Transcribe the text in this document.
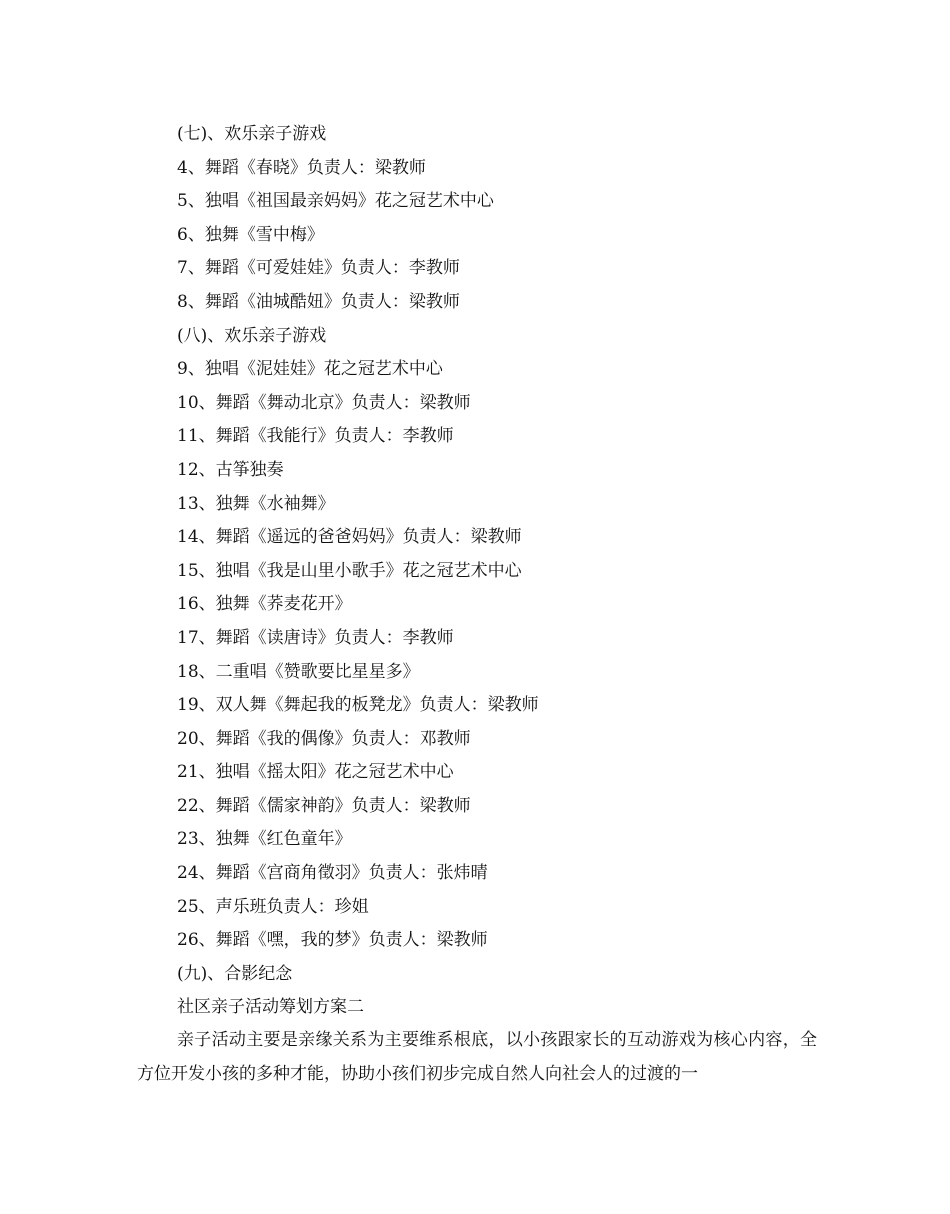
(七)、欢乐亲子游戏
4、舞蹈《春晓》负责人：梁教师
5、独唱《祖国最亲妈妈》花之冠艺术中心
6、独舞《雪中梅》
7、舞蹈《可爱娃娃》负责人：李教师
8、舞蹈《油城酷妞》负责人：梁教师
(八)、欢乐亲子游戏
9、独唱《泥娃娃》花之冠艺术中心
10、舞蹈《舞动北京》负责人：梁教师
11、舞蹈《我能行》负责人：李教师
12、古筝独奏
13、独舞《水袖舞》
14、舞蹈《遥远的爸爸妈妈》负责人：梁教师
15、独唱《我是山里小歌手》花之冠艺术中心
16、独舞《荞麦花开》
17、舞蹈《读唐诗》负责人：李教师
18、二重唱《赞歌要比星星多》
19、双人舞《舞起我的板凳龙》负责人：梁教师
20、舞蹈《我的偶像》负责人：邓教师
21、独唱《摇太阳》花之冠艺术中心
22、舞蹈《儒家神韵》负责人：梁教师
23、独舞《红色童年》
24、舞蹈《宫商角徵羽》负责人：张炜晴
25、声乐班负责人：珍姐
26、舞蹈《嘿，我的梦》负责人：梁教师
(九)、合影纪念
社区亲子活动筹划方案二

亲子活动主要是亲缘关系为主要维系根底，以小孩跟家长的互动游戏为核心内容，全方位开发小孩的多种才能，协助小孩们初步完成自然人向社会人的过渡的一
